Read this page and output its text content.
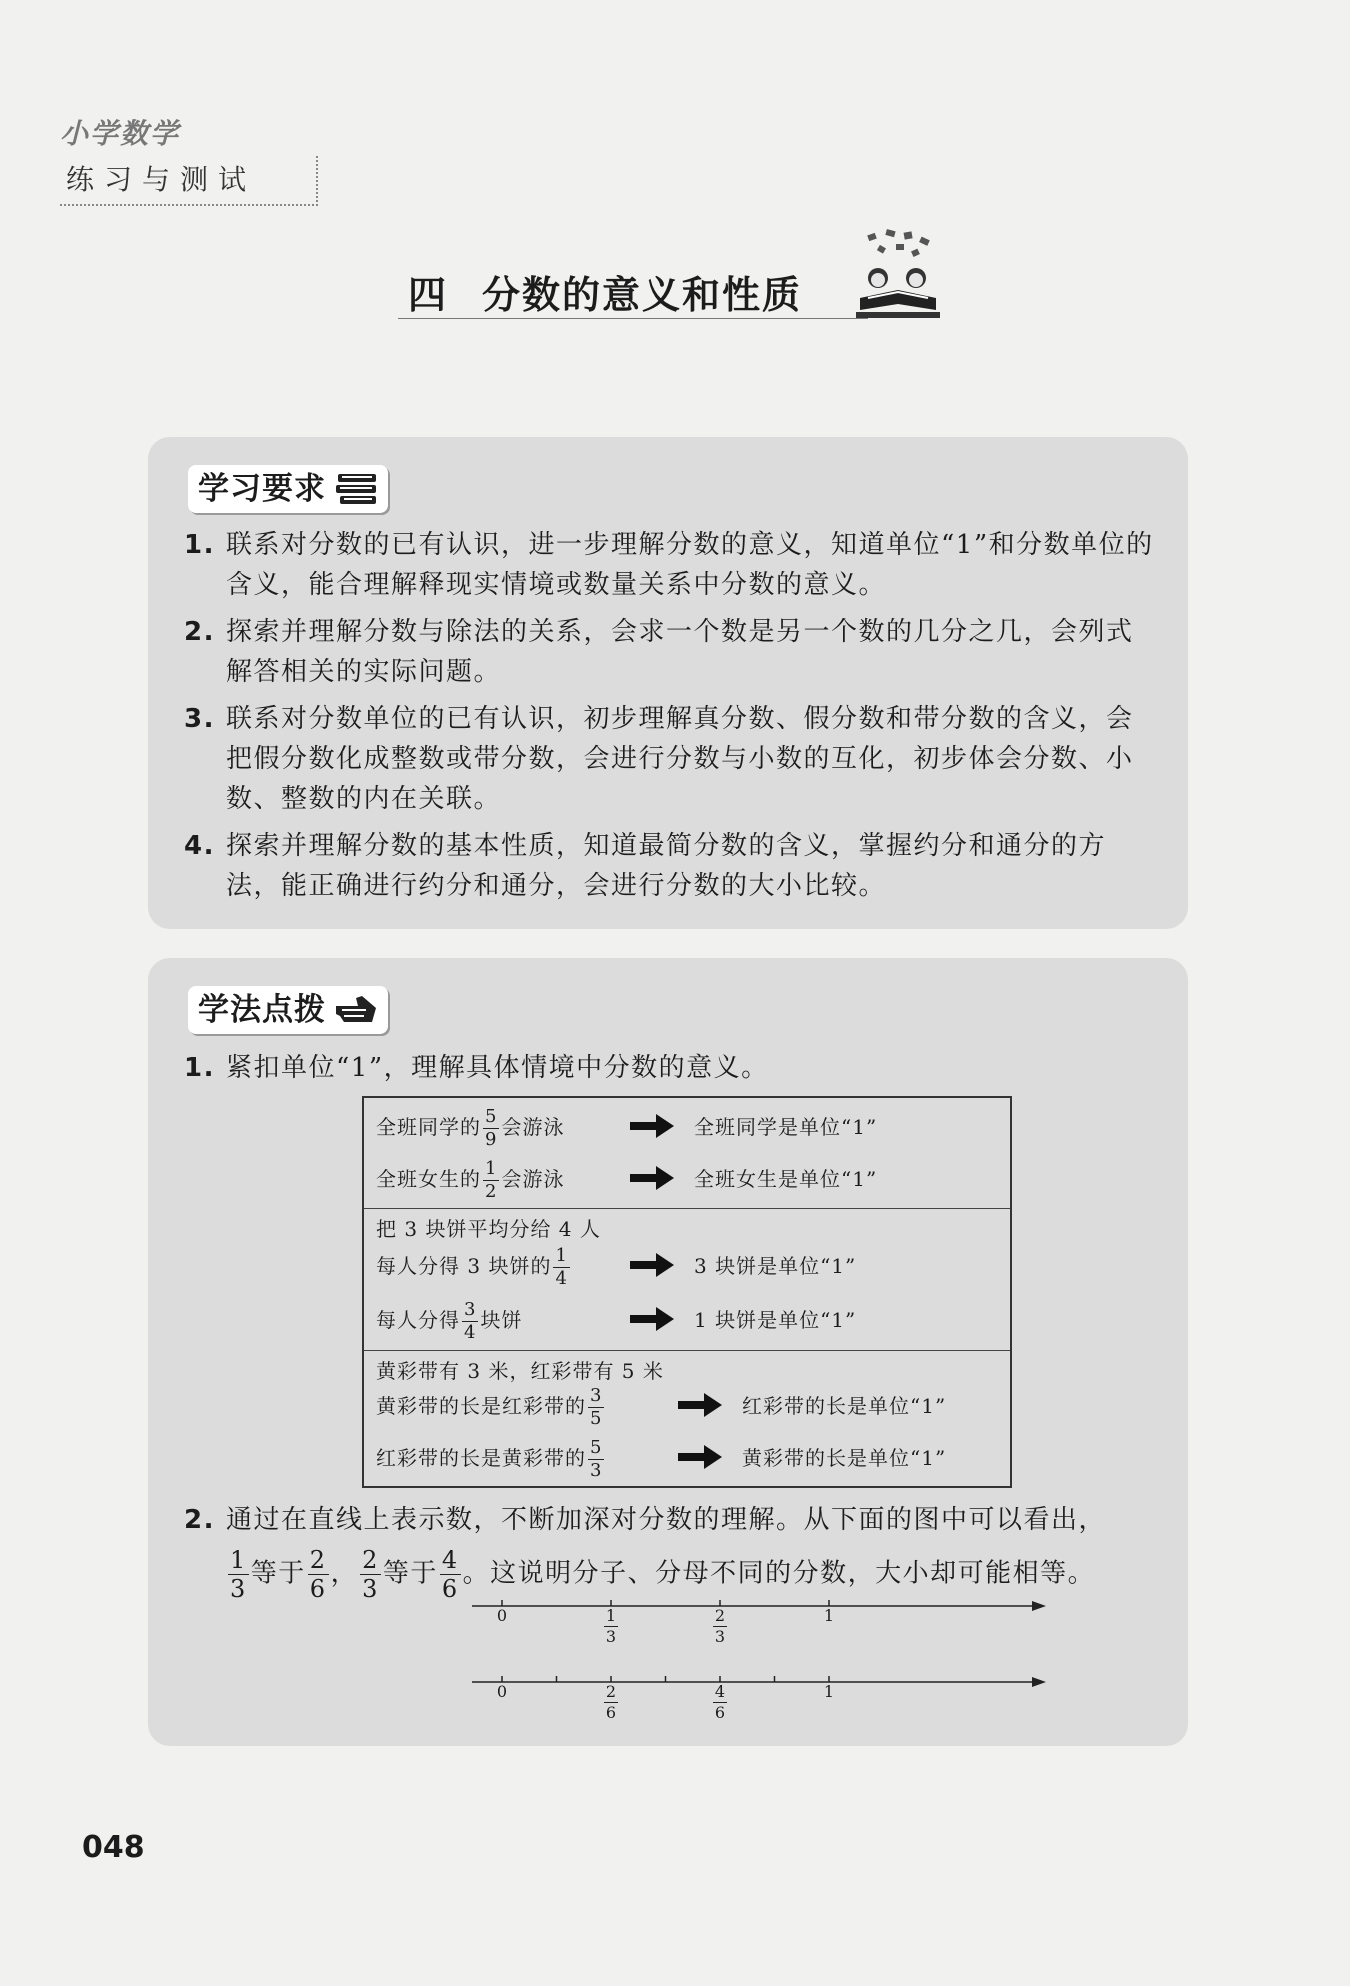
小学数学
练习与测试
四 分数的意义和性质
学习要求
1. 联系对分数的已有认识，进一步理解分数的意义，知道单位“1”和分数单位的含义，能合理解释现实情境或数量关系中分数的意义。
2. 探索并理解分数与除法的关系，会求一个数是另一个数的几分之几，会列式解答相关的实际问题。
3. 联系对分数单位的已有认识，初步理解真分数、假分数和带分数的含义，会把假分数化成整数或带分数，会进行分数与小数的互化，初步体会分数、小数、整数的内在关联。
4. 探索并理解分数的基本性质，知道最简分数的含义，掌握约分和通分的方法，能正确进行约分和通分，会进行分数的大小比较。
学法点拨
1. 紧扣单位“1”，理解具体情境中分数的意义。
全班同学的 $\frac{5}{9}$ 会游泳	全班同学是单位“1”
全班女生的 $\frac{1}{2}$ 会游泳	全班女生是单位“1”
把 3 块饼平均分给 4 人
每人分得 3 块饼的 $\frac{1}{4}$	3 块饼是单位“1”
每人分得 $\frac{3}{4}$ 块饼	1 块饼是单位“1”
黄彩带有 3 米，红彩带有 5 米
黄彩带的长是红彩带的 $\frac{3}{5}$	红彩带的长是单位“1”
红彩带的长是黄彩带的 $\frac{5}{3}$	黄彩带的长是单位“1”
2. 通过在直线上表示数，不断加深对分数的理解。从下面的图中可以看出，
$\frac{1}{3}$ 等于 $\frac{2}{6}$ ， $\frac{2}{3}$ 等于 $\frac{4}{6}$ 。这说明分子、分母不同的分数，大小却可能相等。
0	$\frac{1}{3}$	$\frac{2}{3}$	1
0	$\frac{2}{6}$	$\frac{4}{6}$	1
048
